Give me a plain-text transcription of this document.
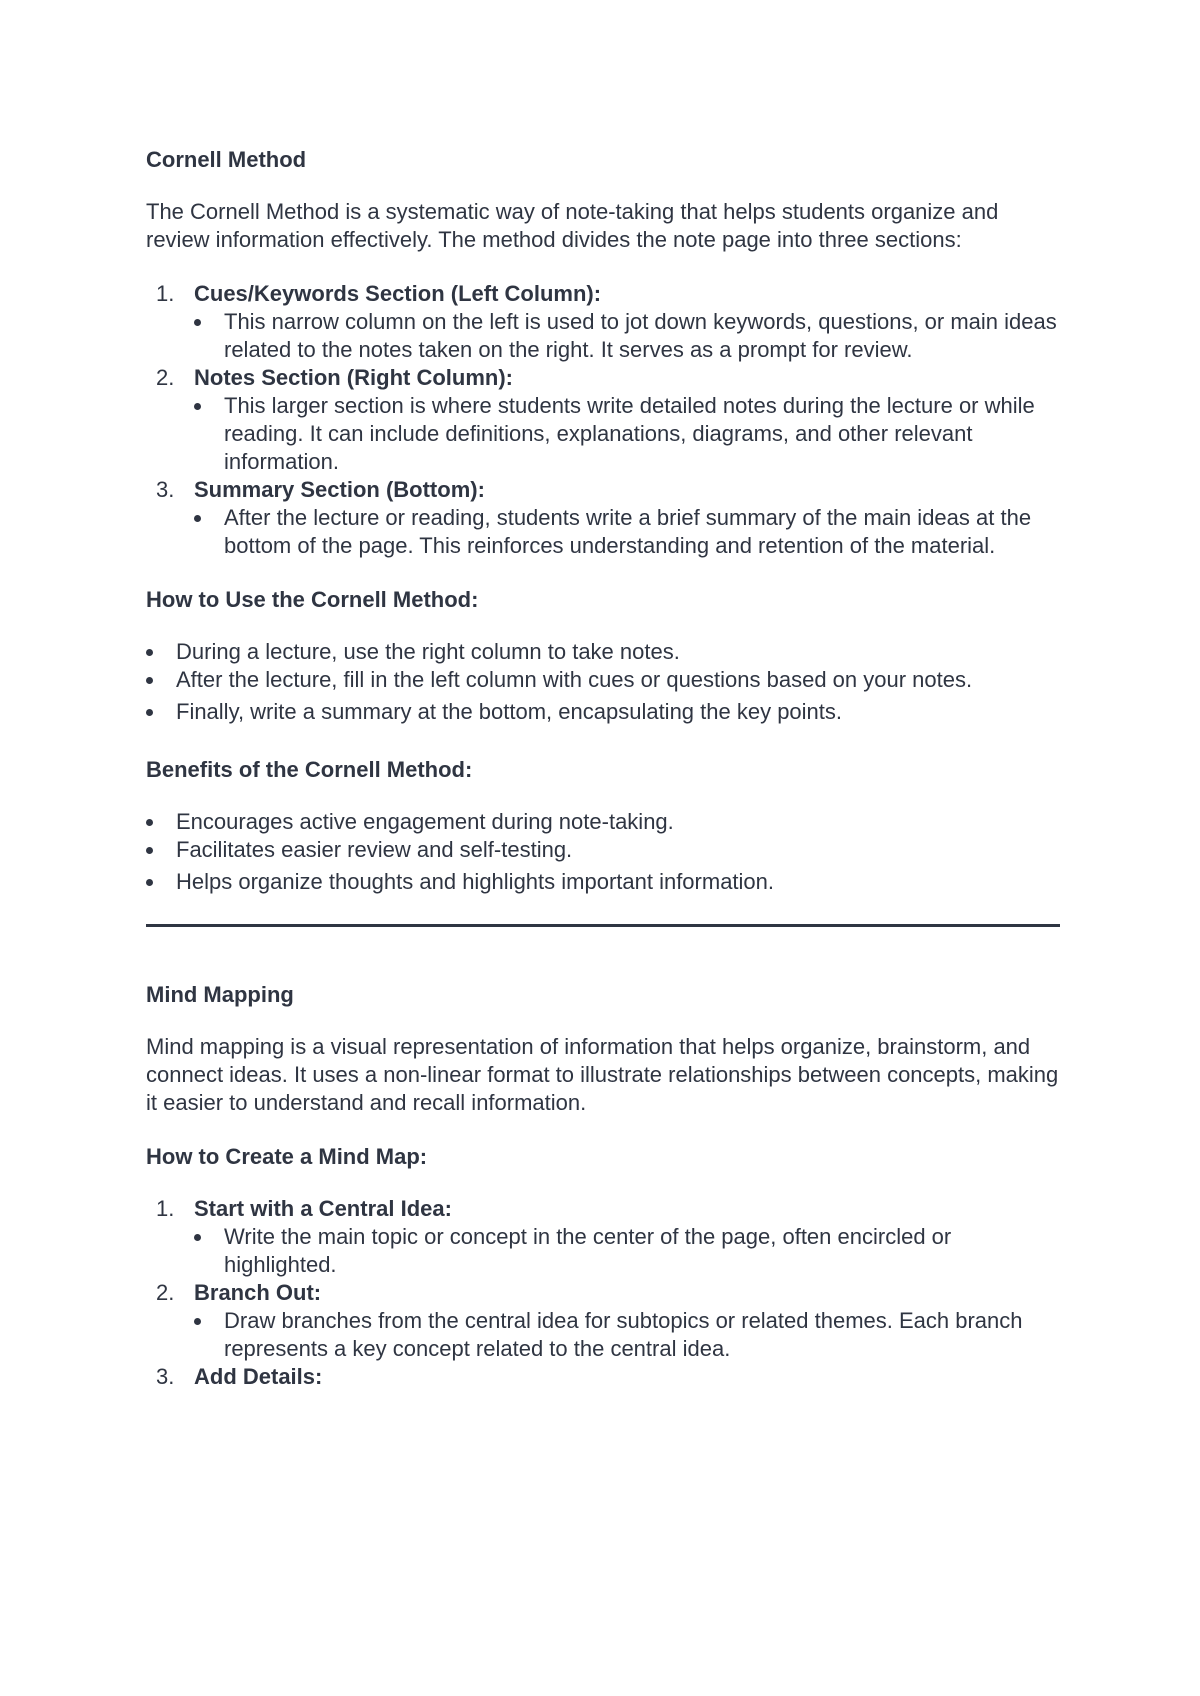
Cornell Method

The Cornell Method is a systematic way of note-taking that helps students organize and review information effectively. The method divides the note page into three sections:

1. Cues/Keywords Section (Left Column):
This narrow column on the left is used to jot down keywords, questions, or main ideas related to the notes taken on the right. It serves as a prompt for review.
2. Notes Section (Right Column):
This larger section is where students write detailed notes during the lecture or while reading. It can include definitions, explanations, diagrams, and other relevant information.
3. Summary Section (Bottom):
After the lecture or reading, students write a brief summary of the main ideas at the bottom of the page. This reinforces understanding and retention of the material.
How to Use the Cornell Method:
During a lecture, use the right column to take notes.
After the lecture, fill in the left column with cues or questions based on your notes.
Finally, write a summary at the bottom, encapsulating the key points.
Benefits of the Cornell Method:
Encourages active engagement during note-taking.
Facilitates easier review and self-testing.
Helps organize thoughts and highlights important information.
Mind Mapping

Mind mapping is a visual representation of information that helps organize, brainstorm, and connect ideas. It uses a non-linear format to illustrate relationships between concepts, making it easier to understand and recall information.

How to Create a Mind Map:
1. Start with a Central Idea:
Write the main topic or concept in the center of the page, often encircled or highlighted.
2. Branch Out:
Draw branches from the central idea for subtopics or related themes. Each branch represents a key concept related to the central idea.
3. Add Details:
